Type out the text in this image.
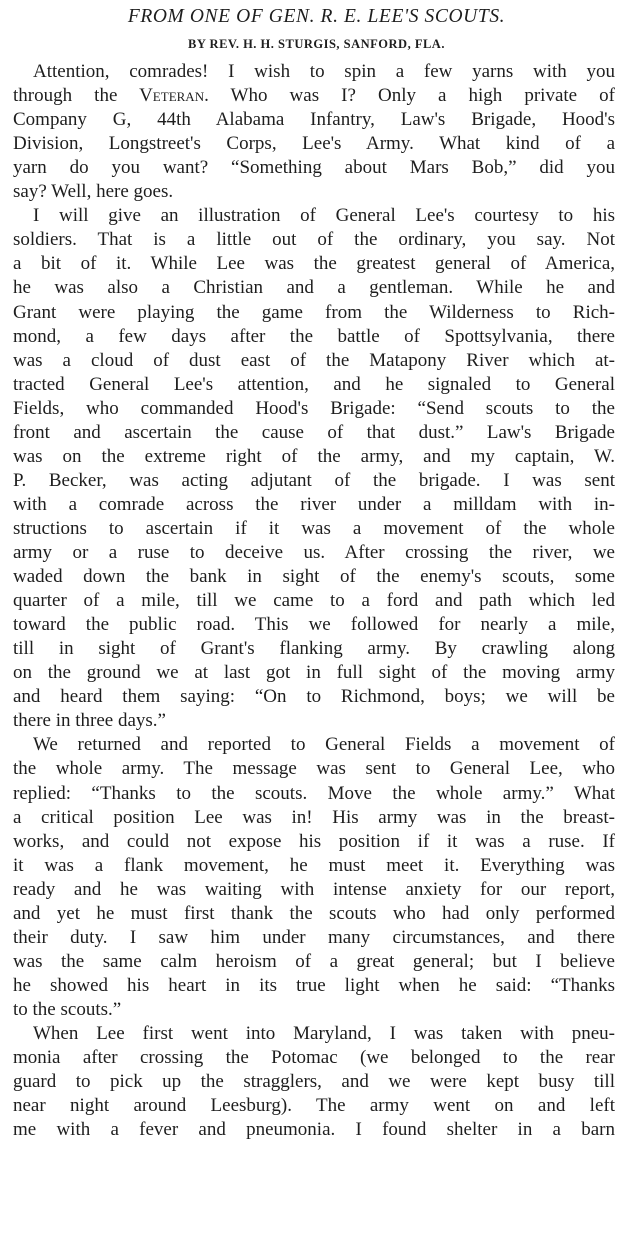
FROM ONE OF GEN. R. E. LEE'S SCOUTS.
BY REV. H. H. STURGIS, SANFORD, FLA.
Attention, comrades! I wish to spin a few yarns with you
through the Veteran. Who was I? Only a high private of
Company G, 44th Alabama Infantry, Law's Brigade, Hood's
Division, Longstreet's Corps, Lee's Army. What kind of a
yarn do you want? “Something about Mars Bob,” did you
say? Well, here goes.
I will give an illustration of General Lee's courtesy to his
soldiers. That is a little out of the ordinary, you say. Not
a bit of it. While Lee was the greatest general of America,
he was also a Christian and a gentleman. While he and
Grant were playing the game from the Wilderness to Rich-
mond, a few days after the battle of Spottsylvania, there
was a cloud of dust east of the Matapony River which at-
tracted General Lee's attention, and he signaled to General
Fields, who commanded Hood's Brigade: “Send scouts to the
front and ascertain the cause of that dust.” Law's Brigade
was on the extreme right of the army, and my captain, W.
P. Becker, was acting adjutant of the brigade. I was sent
with a comrade across the river under a milldam with in-
structions to ascertain if it was a movement of the whole
army or a ruse to deceive us. After crossing the river, we
waded down the bank in sight of the enemy's scouts, some
quarter of a mile, till we came to a ford and path which led
toward the public road. This we followed for nearly a mile,
till in sight of Grant's flanking army. By crawling along
on the ground we at last got in full sight of the moving army
and heard them saying: “On to Richmond, boys; we will be
there in three days.”
We returned and reported to General Fields a movement of
the whole army. The message was sent to General Lee, who
replied: “Thanks to the scouts. Move the whole army.” What
a critical position Lee was in! His army was in the breast-
works, and could not expose his position if it was a ruse. If
it was a flank movement, he must meet it. Everything was
ready and he was waiting with intense anxiety for our report,
and yet he must first thank the scouts who had only performed
their duty. I saw him under many circumstances, and there
was the same calm heroism of a great general; but I believe
he showed his heart in its true light when he said: “Thanks
to the scouts.”
When Lee first went into Maryland, I was taken with pneu-
monia after crossing the Potomac (we belonged to the rear
guard to pick up the stragglers, and we were kept busy till
near night around Leesburg). The army went on and left
me with a fever and pneumonia. I found shelter in a barn
